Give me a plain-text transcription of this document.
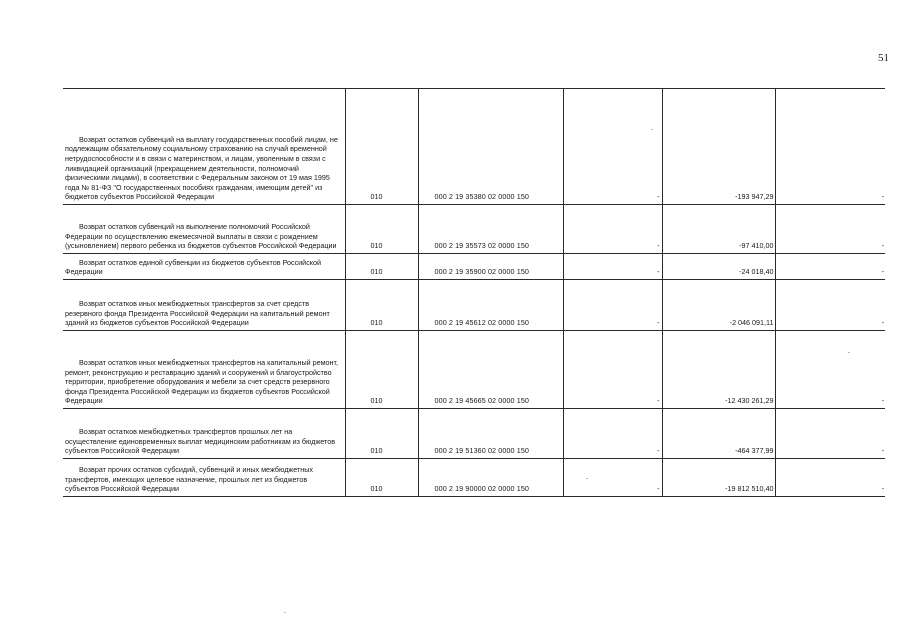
51
Возврат остатков субвенций на выплату государственных пособий лицам, не подлежащим обязательному социальному страхованию на случай временной нетрудоспособности и в связи с материнством, и лицам, уволенным в связи с ликвидацией организаций (прекращением деятельности, полномочий физическими лицами), в соответствии с Федеральным законом от 19 мая 1995 года № 81-ФЗ "О государственных пособиях гражданам, имеющим детей" из бюджетов субъектов Российской Федерации	010	000 2 19 35380 02 0000 150	-	-193 947,29	-

Возврат остатков субвенций на выполнение полномочий Российской Федерации по осуществлению ежемесячной выплаты в связи с рождением (усыновлением) первого ребенка из бюджетов субъектов Российской Федерации	010	000 2 19 35573 02 0000 150	-	-97 410,00	-

Возврат остатков единой субвенции из бюджетов субъектов Российской Федерации	010	000 2 19 35900 02 0000 150	-	-24 018,40	-

Возврат остатков иных межбюджетных трансфертов за счет средств резервного фонда Президента Российской Федерации на капитальный ремонт зданий из бюджетов субъектов Российской Федерации	010	000 2 19 45612 02 0000 150	-	-2 046 091,11	-

Возврат остатков иных межбюджетных трансфертов на капитальный ремонт, ремонт, реконструкцию и реставрацию зданий и сооружений и благоустройство территории, приобретение оборудования и мебели за счет средств резервного фонда Президента Российской Федерации из бюджетов субъектов Российской Федерации	010	000 2 19 45665 02 0000 150	-	-12 430 261,29	-

Возврат остатков межбюджетных трансфертов прошлых лет на осуществление единовременных выплат медицинским работникам из бюджетов субъектов Российской Федерации	010	000 2 19 51360 02 0000 150	-	-464 377,99	-

Возврат прочих остатков субсидий, субвенций и иных межбюджетных трансфертов, имеющих целевое назначение, прошлых лет из бюджетов субъектов Российской Федерации	010	000 2 19 90000 02 0000 150	-	-19 812 510,40	-
